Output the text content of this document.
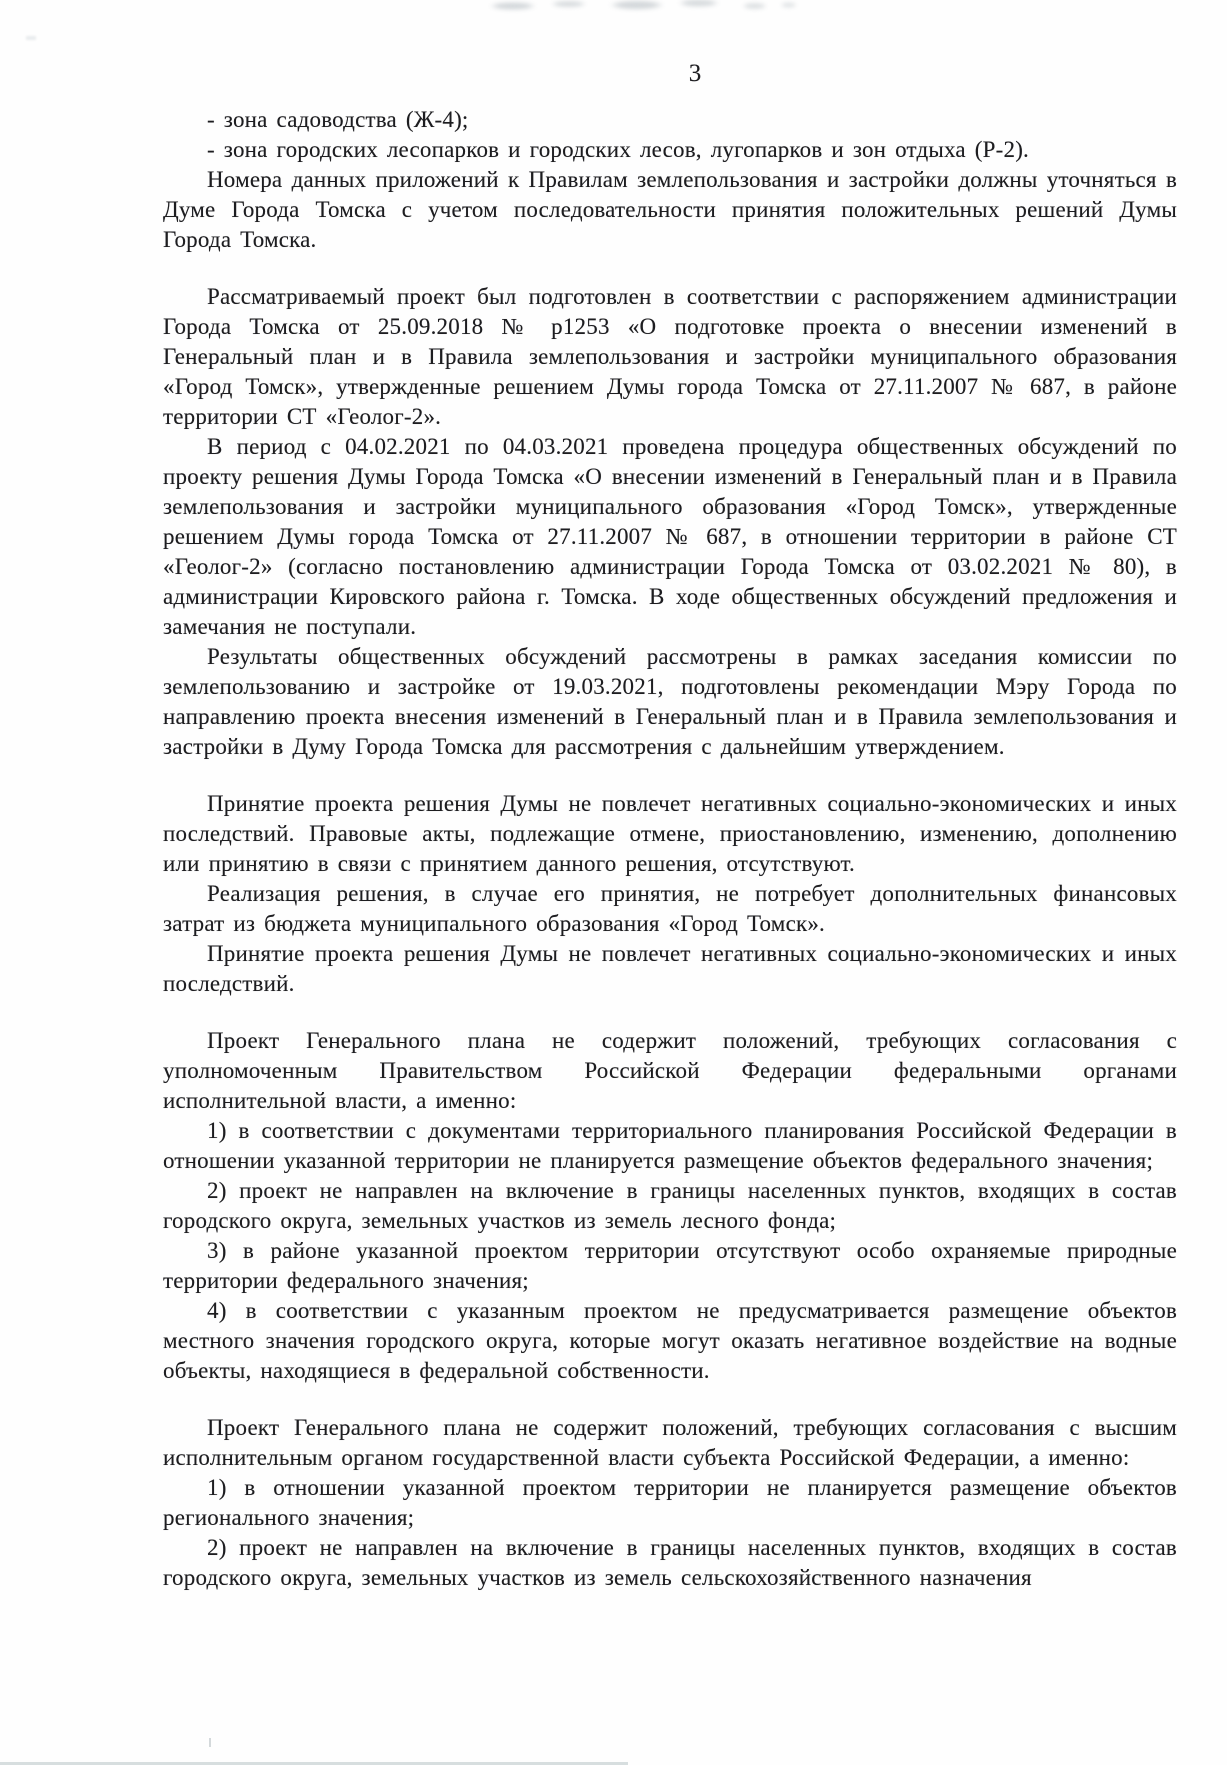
3

- зона садоводства (Ж-4);

- зона городских лесопарков и городских лесов, лугопарков и зон отдыха (Р-2).

Номера данных приложений к Правилам землепользования и застройки должны уточняться в Думе Города Томска с учетом последовательности принятия положительных решений Думы Города Томска.

Рассматриваемый проект был подготовлен в соответствии с распоряжением администрации Города Томска от 25.09.2018 № р1253 «О подготовке проекта о внесении изменений в Генеральный план и в Правила землепользования и застройки муниципального образования «Город Томск», утвержденные решением Думы города Томска от 27.11.2007 № 687, в районе территории СТ «Геолог-2».

В период с 04.02.2021 по 04.03.2021 проведена процедура общественных обсуждений по проекту решения Думы Города Томска «О внесении изменений в Генеральный план и в Правила землепользования и застройки муниципального образования «Город Томск», утвержденные решением Думы города Томска от 27.11.2007 № 687, в отношении территории в районе СТ «Геолог-2» (согласно постановлению администрации Города Томска от 03.02.2021 № 80), в администрации Кировского района г. Томска. В ходе общественных обсуждений предложения и замечания не поступали.

Результаты общественных обсуждений рассмотрены в рамках заседания комиссии по землепользованию и застройке от 19.03.2021, подготовлены рекомендации Мэру Города по направлению проекта внесения изменений в Генеральный план и в Правила землепользования и застройки в Думу Города Томска для рассмотрения с дальнейшим утверждением.

Принятие проекта решения Думы не повлечет негативных социально-экономических и иных последствий. Правовые акты, подлежащие отмене, приостановлению, изменению, дополнению или принятию в связи с принятием данного решения, отсутствуют.

Реализация решения, в случае его принятия, не потребует дополнительных финансовых затрат из бюджета муниципального образования «Город Томск».

Принятие проекта решения Думы не повлечет негативных социально-экономических и иных последствий.

Проект Генерального плана не содержит положений, требующих согласования с уполномоченным Правительством Российской Федерации федеральными органами исполнительной власти, а именно:

1) в соответствии с документами территориального планирования Российской Федерации в отношении указанной территории не планируется размещение объектов федерального значения;

2) проект не направлен на включение в границы населенных пунктов, входящих в состав городского округа, земельных участков из земель лесного фонда;

3) в районе указанной проектом территории отсутствуют особо охраняемые природные территории федерального значения;

4) в соответствии с указанным проектом не предусматривается размещение объектов местного значения городского округа, которые могут оказать негативное воздействие на водные объекты, находящиеся в федеральной собственности.

Проект Генерального плана не содержит положений, требующих согласования с высшим исполнительным органом государственной власти субъекта Российской Федерации, а именно:

1) в отношении указанной проектом территории не планируется размещение объектов регионального значения;

2) проект не направлен на включение в границы населенных пунктов, входящих в состав городского округа, земельных участков из земель сельскохозяйственного назначения
